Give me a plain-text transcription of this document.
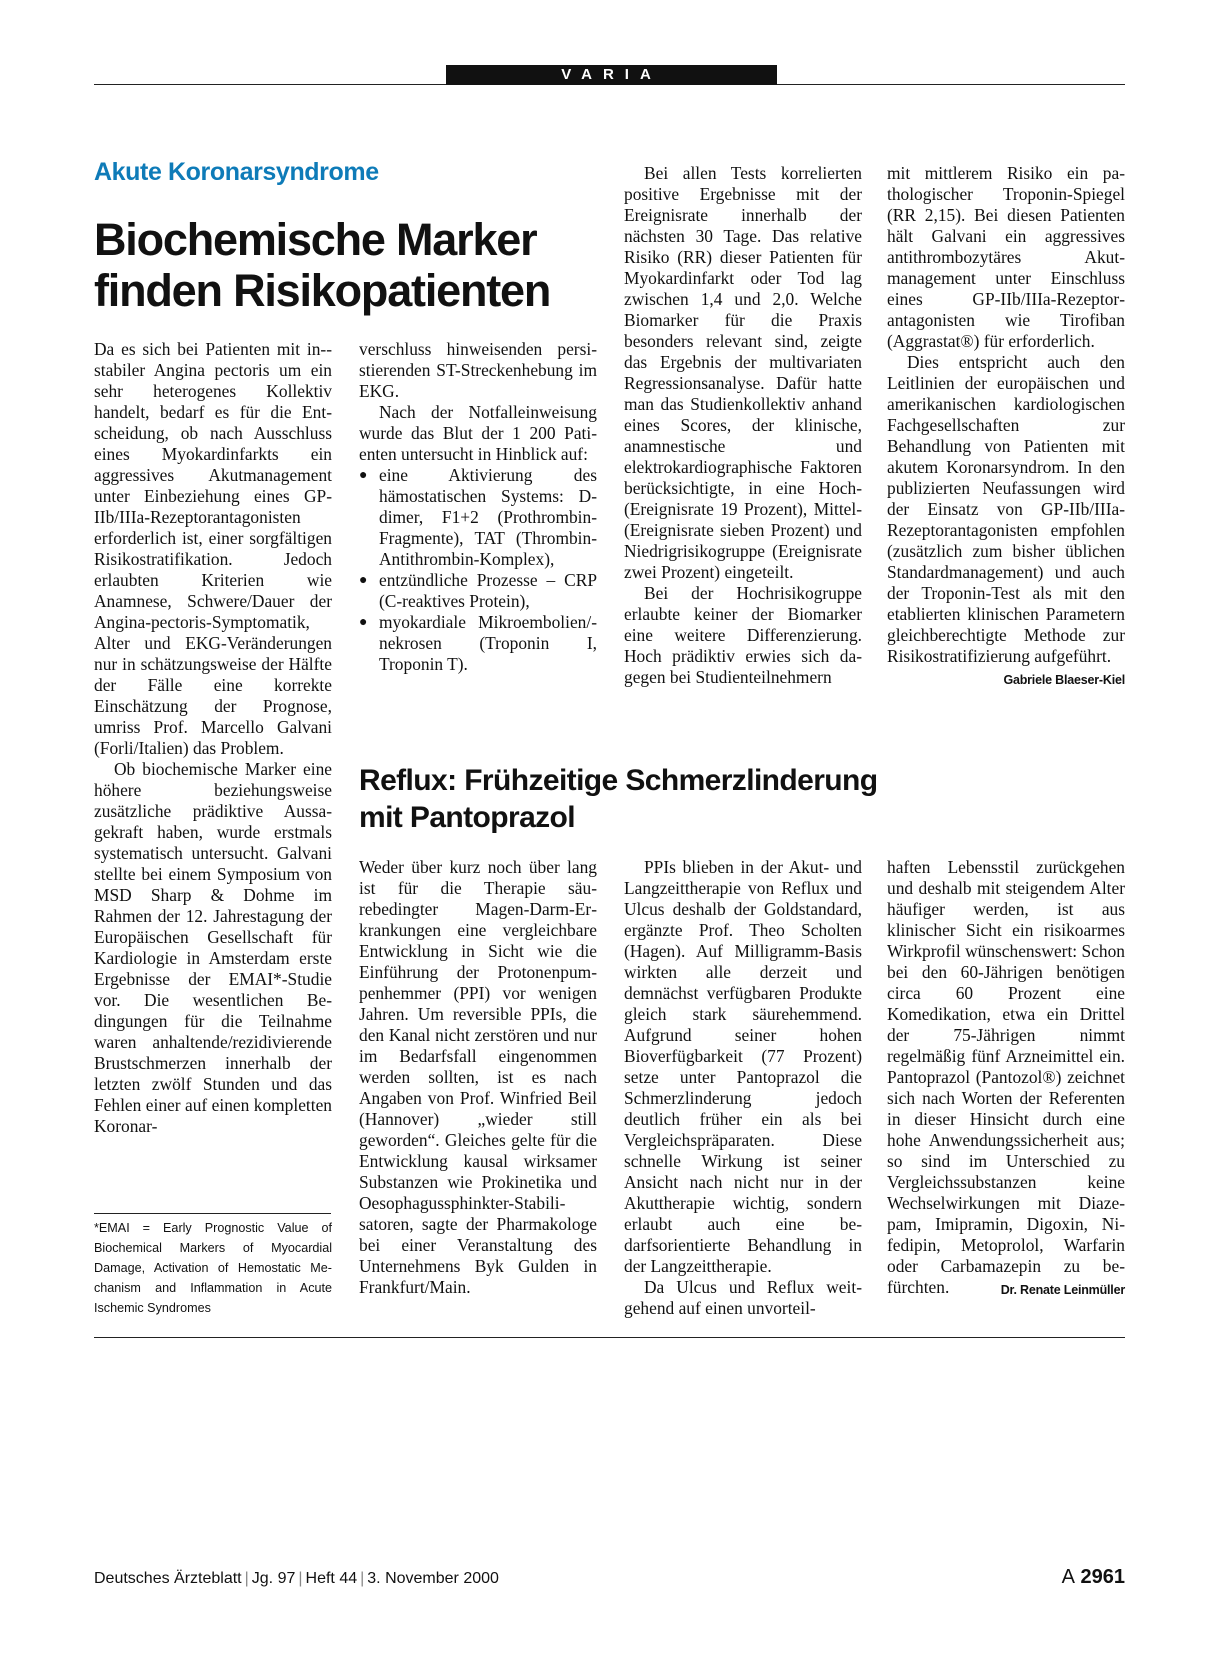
VARIA
Akute Koronarsyndrome
Biochemische Marker
finden Risikopatienten

Da es sich bei Patienten mit in-stabiler Angina pectoris um ein sehr heterogenes Kollektiv handelt, bedarf es für die Entscheidung, ob nach Ausschluss eines Myokardinfarkts ein aggressives Akutmanagement unter Einbeziehung eines GP-IIb/IIIa-Rezeptorantagonisten erforderlich ist, einer sorgfältigen Risikostratifikation. Jedoch erlaubten Kriterien wie Anamnese, Schwere/Dauer der Angina-pectoris-Symptomatik, Alter und EKG-Veränderungen nur in schätzungsweise der Hälfte der Fälle eine korrekte Einschätzung der Prognose, umriss Prof. Marcello Galvani (Forli/Italien) das Problem.

Ob biochemische Marker eine höhere beziehungsweise zusätzliche prädiktive Aussagekraft haben, wurde erstmals systematisch untersucht. Galvani stellte bei einem Symposium von MSD Sharp & Dohme im Rahmen der 12. Jahrestagung der Europäischen Gesellschaft für Kardiologie in Amsterdam erste Ergebnisse der EMAI*-Studie vor. Die wesentlichen Bedingungen für die Teilnahme waren anhaltende/rezidivierende Brustschmerzen innerhalb der letzten zwölf Stunden und das Fehlen einer auf einen kompletten Koronar-

verschluss hinweisenden persistierenden ST-Streckenhebung im EKG.

Nach der Notfalleinweisung wurde das Blut der 1 200 Patienten untersucht in Hinblick auf:

● eine Aktivierung des hämostatischen Systems: D-dimer, F1+2 (Prothrombin-Fragmente), TAT (Thrombin-Antithrombin-Komplex),
● entzündliche Prozesse – CRP (C-reaktives Protein),
● myokardiale Mikroembolien/-nekrosen (Troponin I, Troponin T).

Bei allen Tests korrelierten positive Ergebnisse mit der Ereignisrate innerhalb der nächsten 30 Tage. Das relative Risiko (RR) dieser Patienten für Myokardinfarkt oder Tod lag zwischen 1,4 und 2,0. Welche Biomarker für die Praxis besonders relevant sind, zeigte das Ergebnis der multivariaten Regressionsanalyse. Dafür hatte man das Studienkollektiv anhand eines Scores, der klinische, anamnestische und elektrokardiographische Faktoren berücksichtigte, in eine Hoch- (Ereignisrate 19 Prozent), Mittel- (Ereignisrate sieben Prozent) und Niedrigrisikogruppe (Ereignisrate zwei Prozent) eingeteilt.

Bei der Hochrisikogruppe erlaubte keiner der Biomarker eine weitere Differenzierung. Hoch prädiktiv erwies sich dagegen bei Studienteilnehmern

mit mittlerem Risiko ein pathologischer Troponin-Spiegel (RR 2,15). Bei diesen Patienten hält Galvani ein aggressives antithrombozytäres Akutmanagement unter Einschluss eines GP-IIb/IIIa-Rezeptorantagonisten wie Tirofiban (Aggrastat®) für erforderlich.

Dies entspricht auch den Leitlinien der europäischen und amerikanischen kardiologischen Fachgesellschaften zur Behandlung von Patienten mit akutem Koronarsyndrom. In den publizierten Neufassungen wird der Einsatz von GP-IIb/IIIa-Rezeptorantagonisten empfohlen (zusätzlich zum bisher üblichen Standardmanagement) und auch der Troponin-Test als mit den etablierten klinischen Parametern gleichberechtigte Methode zur Risikostratifizierung aufgeführt.
Gabriele Blaeser-Kiel

*EMAI = Early Prognostic Value of Biochemical Markers of Myocardial Damage, Activation of Hemostatic Mechanism and Inflammation in Acute Ischemic Syndromes
Reflux: Frühzeitige Schmerzlinderung
mit Pantoprazol

Weder über kurz noch über lang ist für die Therapie säurebedingter Magen-Darm-Erkrankungen eine vergleichbare Entwicklung in Sicht wie die Einführung der Protonenpumpenhemmer (PPI) vor wenigen Jahren. Um reversible PPIs, die den Kanal nicht zerstören und nur im Bedarfsfall eingenommen werden sollten, ist es nach Angaben von Prof. Winfried Beil (Hannover) „wieder still geworden“. Gleiches gelte für die Entwicklung kausal wirksamer Substanzen wie Prokinetika und Oesophagussphinkter-Stabilisatoren, sagte der Pharmakologe bei einer Veranstaltung des Unternehmens Byk Gulden in Frankfurt/Main.

PPIs blieben in der Akut- und Langzeittherapie von Reflux und Ulcus deshalb der Goldstandard, ergänzte Prof. Theo Scholten (Hagen). Auf Milligramm-Basis wirkten alle derzeit und demnächst verfügbaren Produkte gleich stark säurehemmend. Aufgrund seiner hohen Bioverfügbarkeit (77 Prozent) setze unter Pantoprazol die Schmerzlinderung jedoch deutlich früher ein als bei Vergleichspräparaten. Diese schnelle Wirkung ist seiner Ansicht nach nicht nur in der Akuttherapie wichtig, sondern erlaubt auch eine bedarfsorientierte Behandlung in der Langzeittherapie.

Da Ulcus und Reflux weitgehend auf einen unvorteil-

haften Lebensstil zurückgehen und deshalb mit steigendem Alter häufiger werden, ist aus klinischer Sicht ein risikoarmes Wirkprofil wünschenswert: Schon bei den 60-Jährigen benötigen circa 60 Prozent eine Komedikation, etwa ein Drittel der 75-Jährigen nimmt regelmäßig fünf Arzneimittel ein. Pantoprazol (Pantozol®) zeichnet sich nach Worten der Referenten in dieser Hinsicht durch eine hohe Anwendungssicherheit aus; so sind im Unterschied zu Vergleichssubstanzen keine Wechselwirkungen mit Diazepam, Imipramin, Digoxin, Nifedipin, Metoprolol, Warfarin oder Carbamazepin zu befürchten.	Dr. Renate Leinmüller

Deutsches Ärzteblatt | Jg. 97 | Heft 44 | 3. November 2000	A 2961
